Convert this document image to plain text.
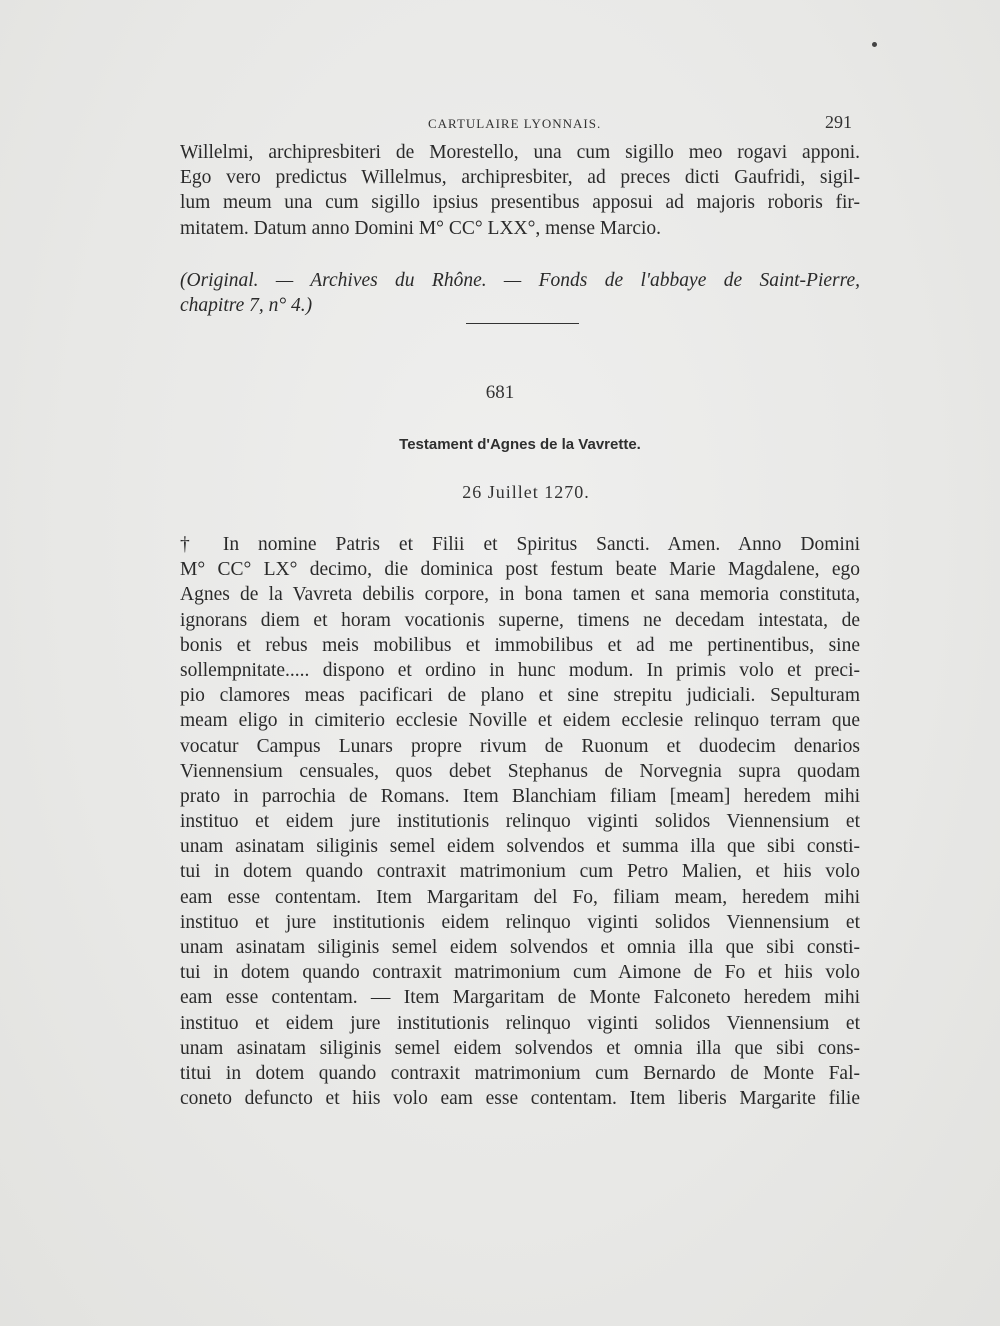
CARTULAIRE LYONNAIS.	291
Willelmi, archipresbiteri de Morestello, una cum sigillo meo rogavi apponi.
Ego vero predictus Willelmus, archipresbiter, ad preces dicti Gaufridi, sigil-
lum meum una cum sigillo ipsius presentibus apposui ad majoris roboris fir-
mitatem. Datum anno Domini M° CC° LXX°, mense Marcio.
(Original. — Archives du Rhône. — Fonds de l'abbaye de Saint-Pierre,
chapitre 7, n° 4.)
681
Testament d'Agnes de la Vavrette.
26 Juillet 1270.
† In nomine Patris et Filii et Spiritus Sancti. Amen. Anno Domini
M° CC° LX° decimo, die dominica post festum beate Marie Magdalene, ego
Agnes de la Vavreta debilis corpore, in bona tamen et sana memoria constituta,
ignorans diem et horam vocationis superne, timens ne decedam intestata, de
bonis et rebus meis mobilibus et immobilibus et ad me pertinentibus, sine
sollempnitate..... dispono et ordino in hunc modum. In primis volo et preci-
pio clamores meas pacificari de plano et sine strepitu judiciali. Sepulturam
meam eligo in cimiterio ecclesie Noville et eidem ecclesie relinquo terram que
vocatur Campus Lunars propre rivum de Ruonum et duodecim denarios
Viennensium censuales, quos debet Stephanus de Norvegnia supra quodam
prato in parrochia de Romans. Item Blanchiam filiam [meam] heredem mihi
instituo et eidem jure institutionis relinquo viginti solidos Viennensium et
unam asinatam siliginis semel eidem solvendos et summa illa que sibi consti-
tui in dotem quando contraxit matrimonium cum Petro Malien, et hiis volo
eam esse contentam. Item Margaritam del Fo, filiam meam, heredem mihi
instituo et jure institutionis eidem relinquo viginti solidos Viennensium et
unam asinatam siliginis semel eidem solvendos et omnia illa que sibi consti-
tui in dotem quando contraxit matrimonium cum Aimone de Fo et hiis volo
eam esse contentam. — Item Margaritam de Monte Falconeto heredem mihi
instituo et eidem jure institutionis relinquo viginti solidos Viennensium et
unam asinatam siliginis semel eidem solvendos et omnia illa que sibi cons-
titui in dotem quando contraxit matrimonium cum Bernardo de Monte Fal-
coneto defuncto et hiis volo eam esse contentam. Item liberis Margarite filie
